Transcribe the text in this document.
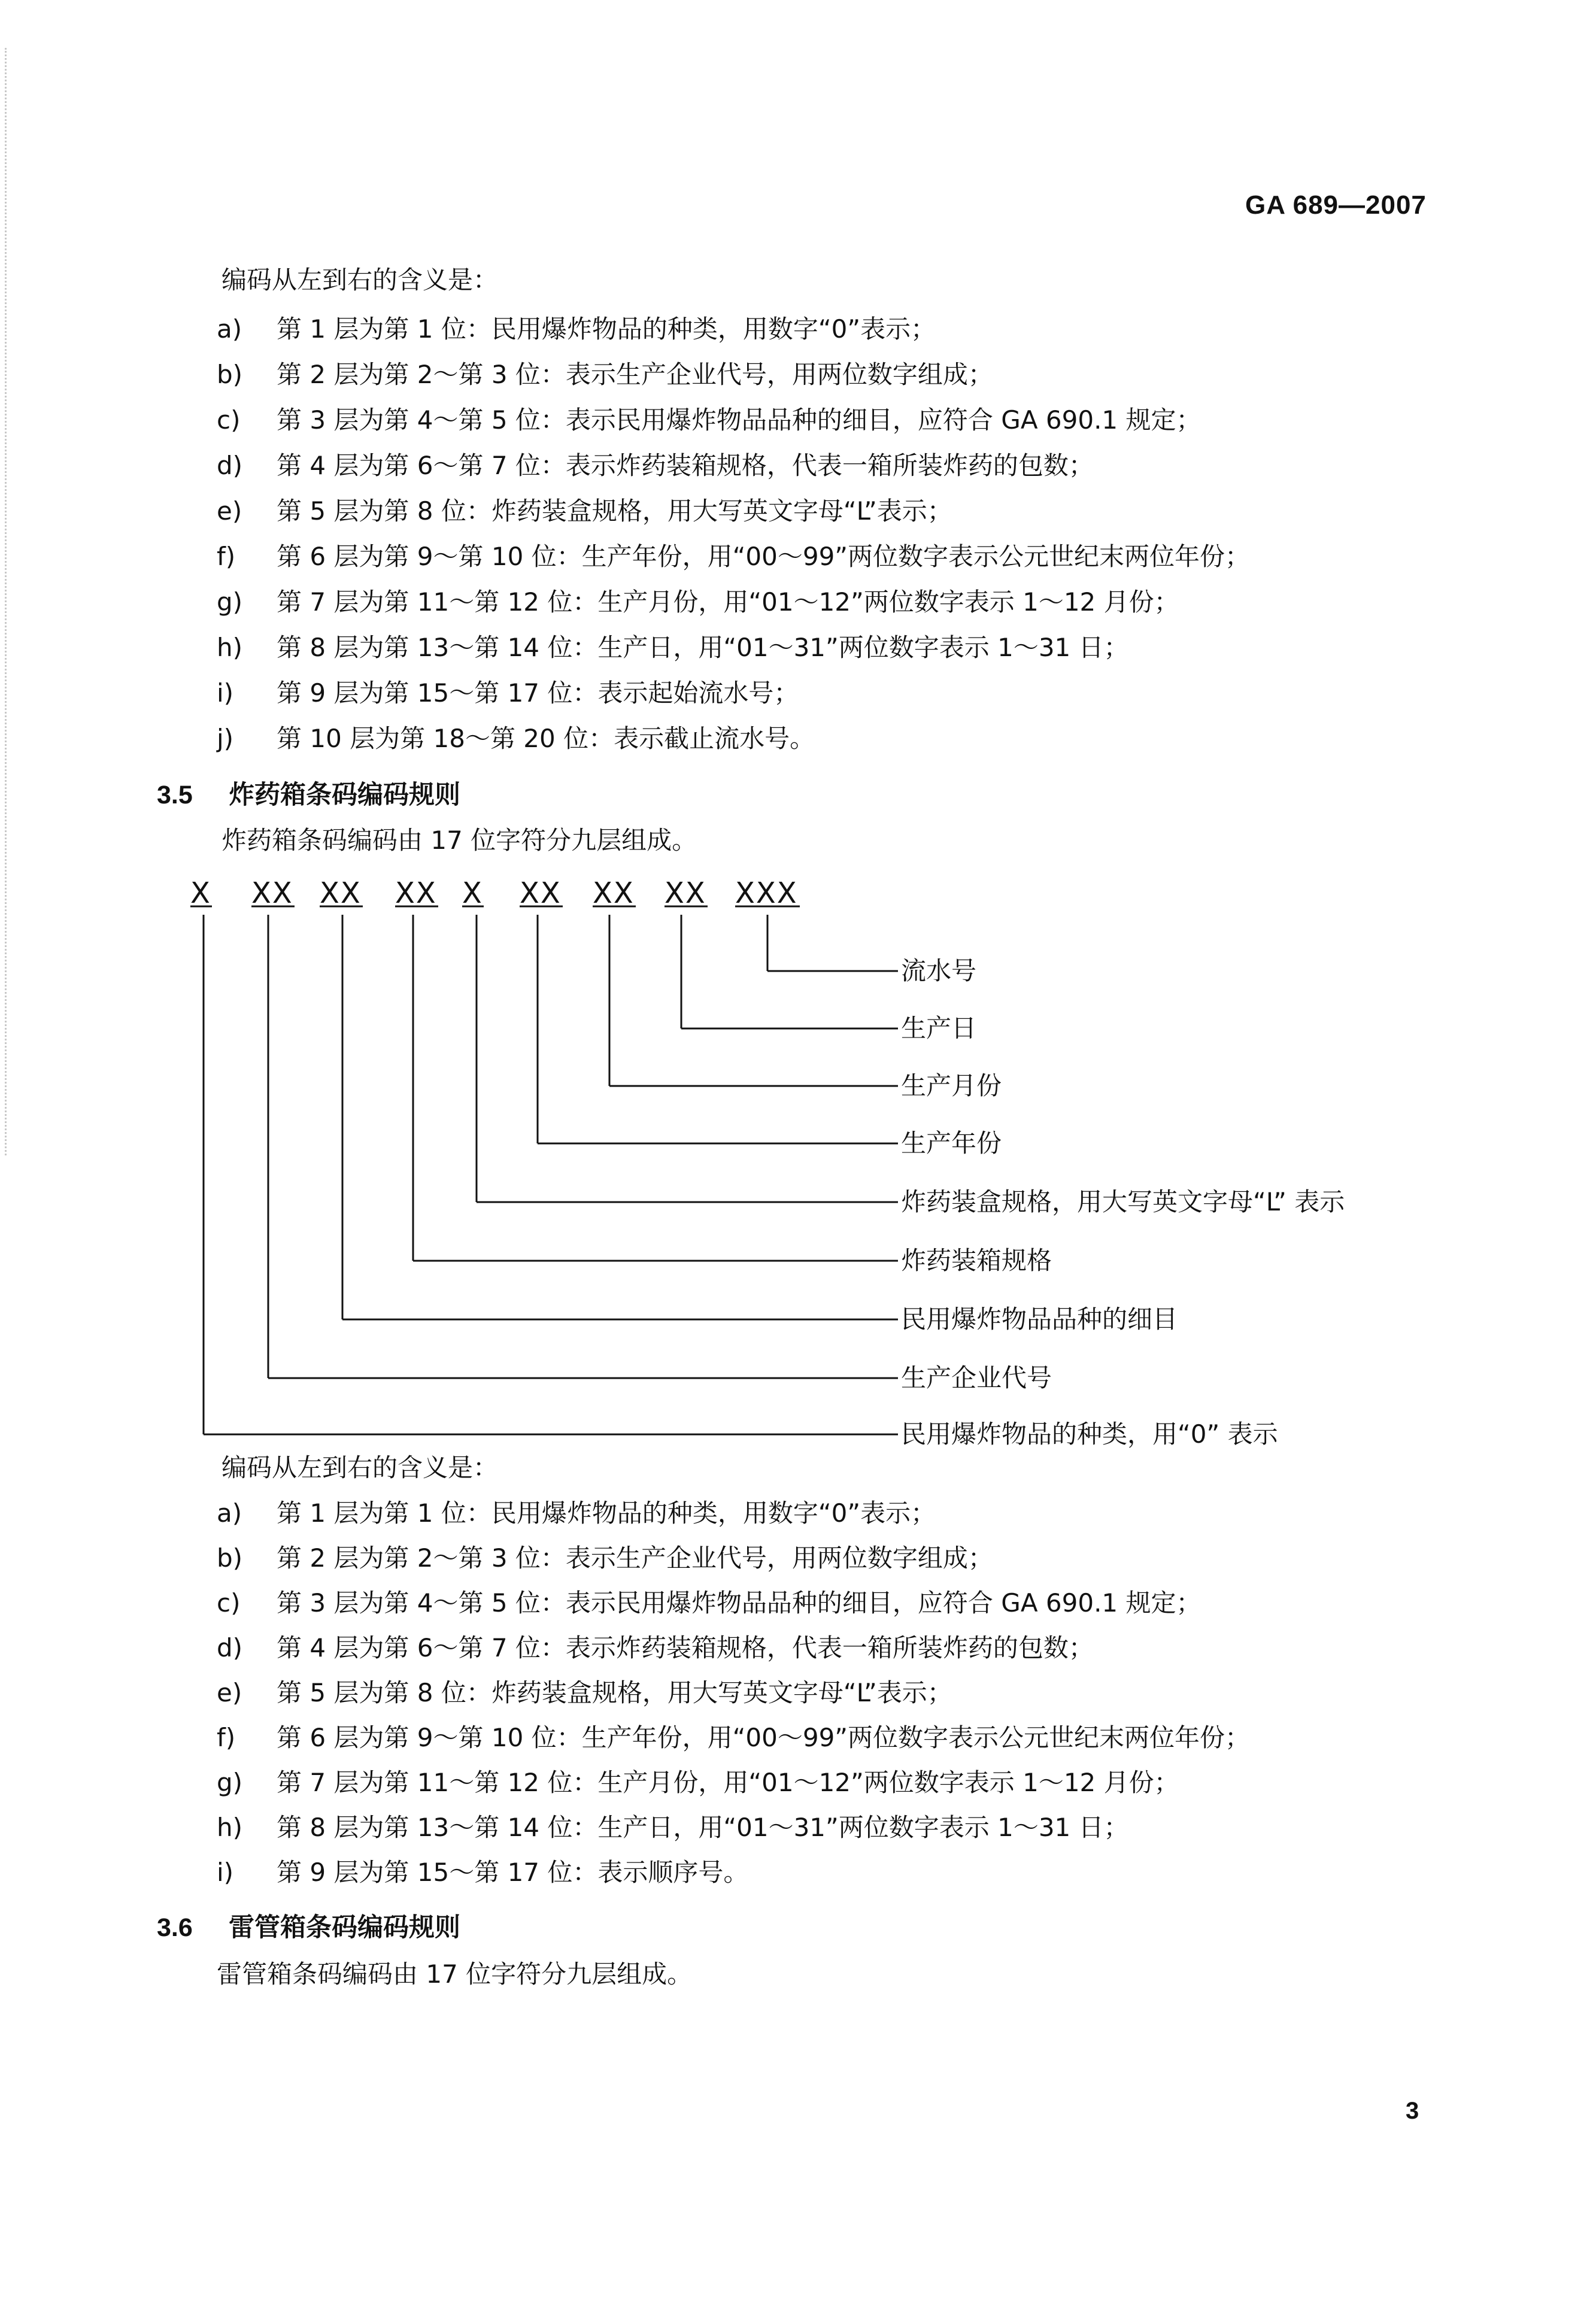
GA 689—2007
编码从左到右的含义是：
a) 第 1 层为第 1 位：民用爆炸物品的种类，用数字“0”表示；
b) 第 2 层为第 2～第 3 位：表示生产企业代号，用两位数字组成；
c) 第 3 层为第 4～第 5 位：表示民用爆炸物品品种的细目，应符合 GA 690.1 规定；
d) 第 4 层为第 6～第 7 位：表示炸药装箱规格，代表一箱所装炸药的包数；
e) 第 5 层为第 8 位：炸药装盒规格，用大写英文字母“L”表示；
f) 第 6 层为第 9～第 10 位：生产年份，用“00～99”两位数字表示公元世纪末两位年份；
g) 第 7 层为第 11～第 12 位：生产月份，用“01～12”两位数字表示 1～12 月份；
h) 第 8 层为第 13～第 14 位：生产日，用“01～31”两位数字表示 1～31 日；
i) 第 9 层为第 15～第 17 位：表示起始流水号；
j) 第 10 层为第 18～第 20 位：表示截止流水号。
3.5 炸药箱条码编码规则
炸药箱条码编码由 17 位字符分九层组成。
X XX XX XX X XX XX XX XXX
流水号
生产日
生产月份
生产年份
炸药装盒规格，用大写英文字母“L” 表示
炸药装箱规格
民用爆炸物品品种的细目
生产企业代号
民用爆炸物品的种类，用“0” 表示
编码从左到右的含义是：
a) 第 1 层为第 1 位：民用爆炸物品的种类，用数字“0”表示；
b) 第 2 层为第 2～第 3 位：表示生产企业代号，用两位数字组成；
c) 第 3 层为第 4～第 5 位：表示民用爆炸物品品种的细目，应符合 GA 690.1 规定；
d) 第 4 层为第 6～第 7 位：表示炸药装箱规格，代表一箱所装炸药的包数；
e) 第 5 层为第 8 位：炸药装盒规格，用大写英文字母“L”表示；
f) 第 6 层为第 9～第 10 位：生产年份，用“00～99”两位数字表示公元世纪末两位年份；
g) 第 7 层为第 11～第 12 位：生产月份，用“01～12”两位数字表示 1～12 月份；
h) 第 8 层为第 13～第 14 位：生产日，用“01～31”两位数字表示 1～31 日；
i) 第 9 层为第 15～第 17 位：表示顺序号。
3.6 雷管箱条码编码规则
雷管箱条码编码由 17 位字符分九层组成。
3
